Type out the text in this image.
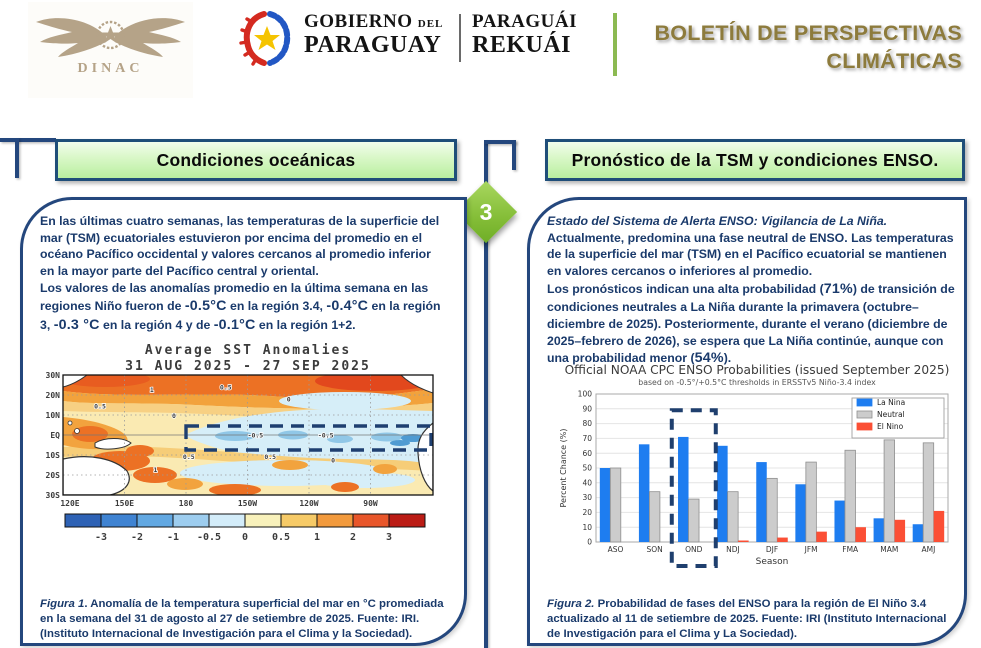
DINAC
GOBIERNO DEL
PARAGUAY
PARAGUÁI
REKUÁI	BOLETÍN DE PERSPECTIVAS
CLIMÁTICAS
3
Condiciones oceánicas	Pronóstico de la TSM y condiciones ENSO.

En las últimas cuatro semanas, las temperaturas de la superficie del mar (TSM) ecuatoriales estuvieron por encima del promedio en el océano Pacífico occidental y valores cercanos al promedio inferior en la mayor parte del Pacífico central y oriental.

Los valores de las anomalías promedio en la última semana en las regiones Niño fueron de -0.5°C en la región 3.4, -0.4°C en la región 3, -0.3 °C en la región 4 y de -0.1°C en la región 1+2.

Average SST Anomalies
31 AUG 2025 - 27 SEP 2025
30N
20N
10N
EQ
10S
20S
30S
120E	150E	180	150W	120W	90W
1
0.5
0.5
0
0
-0.5	-0.5
0.5
1
0
0.5
-3 -2 -1 -0.5 0 0.5 1	2	3
Figura 1. Anomalía de la temperatura superficial del mar en °C promediada en la semana del 31 de agosto al 27 de setiembre de 2025. Fuente: IRI. (Instituto Internacional de Investigación para el Clima y la Sociedad).

Estado del Sistema de Alerta ENSO: Vigilancia de La Niña.

Actualmente, predomina una fase neutral de ENSO. Las temperaturas de la superficie del mar (TSM) en el Pacífico ecuatorial se mantienen en valores cercanos o inferiores al promedio.

Los pronósticos indican una alta probabilidad (71%) de transición de condiciones neutrales a La Niña durante la primavera (octubre–diciembre de 2025). Posteriormente, durante el verano (diciembre de 2025–febrero de 2026), se espera que La Niña continúe, aunque con una probabilidad menor (54%).

Official NOAA CPC ENSO Probabilities (issued September 2025)
based on -0.5°/+0.5°C thresholds in ERSSTv5 Niño-3.4 index
0
10
20
30
40
50
60
70
80
90
100
Percent Chance (%)
ASO	SON	OND	NDJ	DJF	JFM	FMA	MAM	AMJ
Season
La Nina
Neutral
El Nino
Figura 2. Probabilidad de fases del ENSO para la región de El Niño 3.4 actualizado al 11 de setiembre de 2025. Fuente: IRI (Instituto Internacional de Investigación para el Clima y La Sociedad).
